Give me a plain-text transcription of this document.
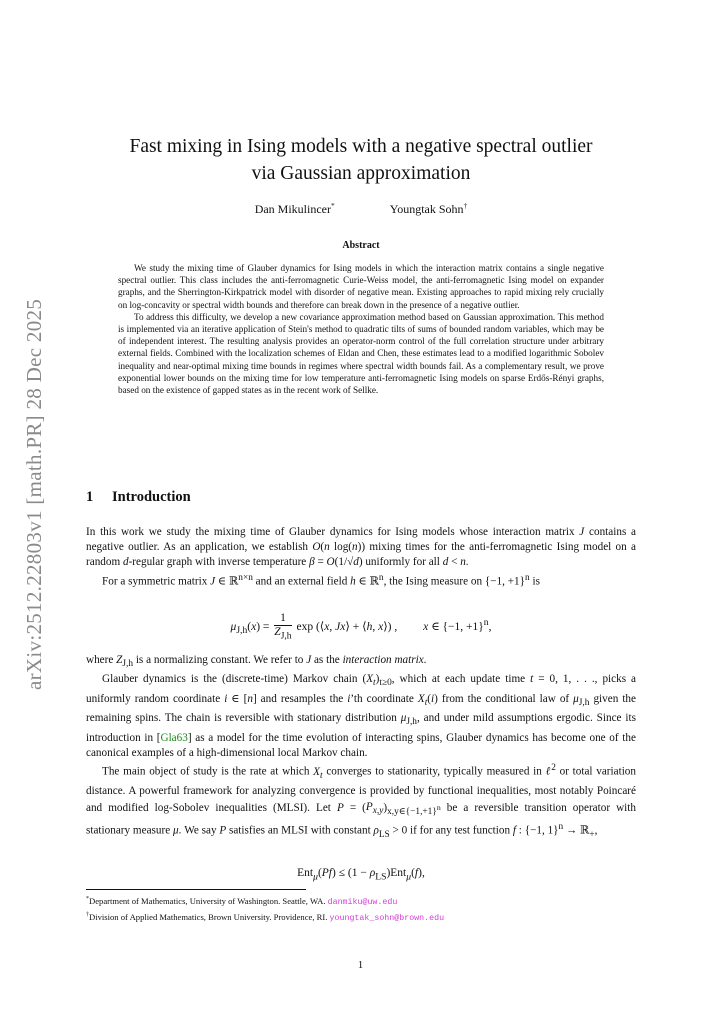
arXiv:2512.22803v1 [math.PR] 28 Dec 2025
Fast mixing in Ising models with a negative spectral outlier
via Gaussian approximation
Dan Mikulincer*	Youngtak Sohn†
Abstract

We study the mixing time of Glauber dynamics for Ising models in which the interaction matrix contains a single negative spectral outlier. This class includes the anti-ferromagnetic Curie-Weiss model, the anti-ferromagnetic Ising model on expander graphs, and the Sherrington-Kirkpatrick model with disorder of negative mean. Existing approaches to rapid mixing rely crucially on log-concavity or spectral width bounds and therefore can break down in the presence of a negative outlier.

To address this difficulty, we develop a new covariance approximation method based on Gaussian approximation. This method is implemented via an iterative application of Stein's method to quadratic tilts of sums of bounded random variables, which may be of independent interest. The resulting analysis provides an operator-norm control of the full correlation structure under arbitrary external fields. Combined with the localization schemes of Eldan and Chen, these estimates lead to a modified logarithmic Sobolev inequality and near-optimal mixing time bounds in regimes where spectral width bounds fail. As a complementary result, we prove exponential lower bounds on the mixing time for low temperature anti-ferromagnetic Ising models on sparse Erdős-Rényi graphs, based on the existence of gapped states as in the recent work of Sellke.

1 Introduction

In this work we study the mixing time of Glauber dynamics for Ising models whose interaction matrix J contains a negative outlier. As an application, we establish O(n log(n)) mixing times for the anti-ferromagnetic Ising model on a random d-regular graph with inverse temperature β = O(1/√d) uniformly for all d < n.

For a symmetric matrix J ∈ ℝ$^{n\times n}$ and an external field h ∈ ℝ$^n$, the Ising measure on {−1, +1}$^n$ is

$\mu_{J,h}(x) = \frac{1}{Z_{J,h}}$ exp (⟨x, Jx⟩ + ⟨h, x⟩) ,         x ∈ {−1, +1}$^n$,

where $Z_{J,h}$ is a normalizing constant. We refer to J as the interaction matrix.

Glauber dynamics is the (discrete-time) Markov chain $(X_t)_{t\ge 0}$, which at each update time t = 0, 1, . . ., picks a uniformly random coordinate i ∈ [n] and resamples the i’th coordinate $X_t(i)$ from the conditional law of $\mu_{J,h}$ given the remaining spins. The chain is reversible with stationary distribution $\mu_{J,h}$, and under mild assumptions ergodic. Since its introduction in [Gla63] as a model for the time evolution of interacting spins, Glauber dynamics has become one of the canonical examples of a high-dimensional local Markov chain.

The main object of study is the rate at which $X_t$ converges to stationarity, typically measured in ℓ$^2$ or total variation distance. A powerful framework for analyzing convergence is provided by functional inequalities, most notably Poincaré and modified log-Sobolev inequalities (MLSI). Let $P = (P_{x,y})_{x,y\in\{-1,+1\}^n}$ be a reversible transition operator with stationary measure μ. We say P satisfies an MLSI with constant $\rho_{LS} > 0$ if for any test function f : {−1, 1}$^n$ → ℝ$_+$,

$Ent_\mu(Pf) \le (1 - \rho_{LS})Ent_\mu(f)$,
*Department of Mathematics, University of Washington. Seattle, WA. danmiku@uw.edu
†Division of Applied Mathematics, Brown University. Providence, RI. youngtak_sohn@brown.edu
1
